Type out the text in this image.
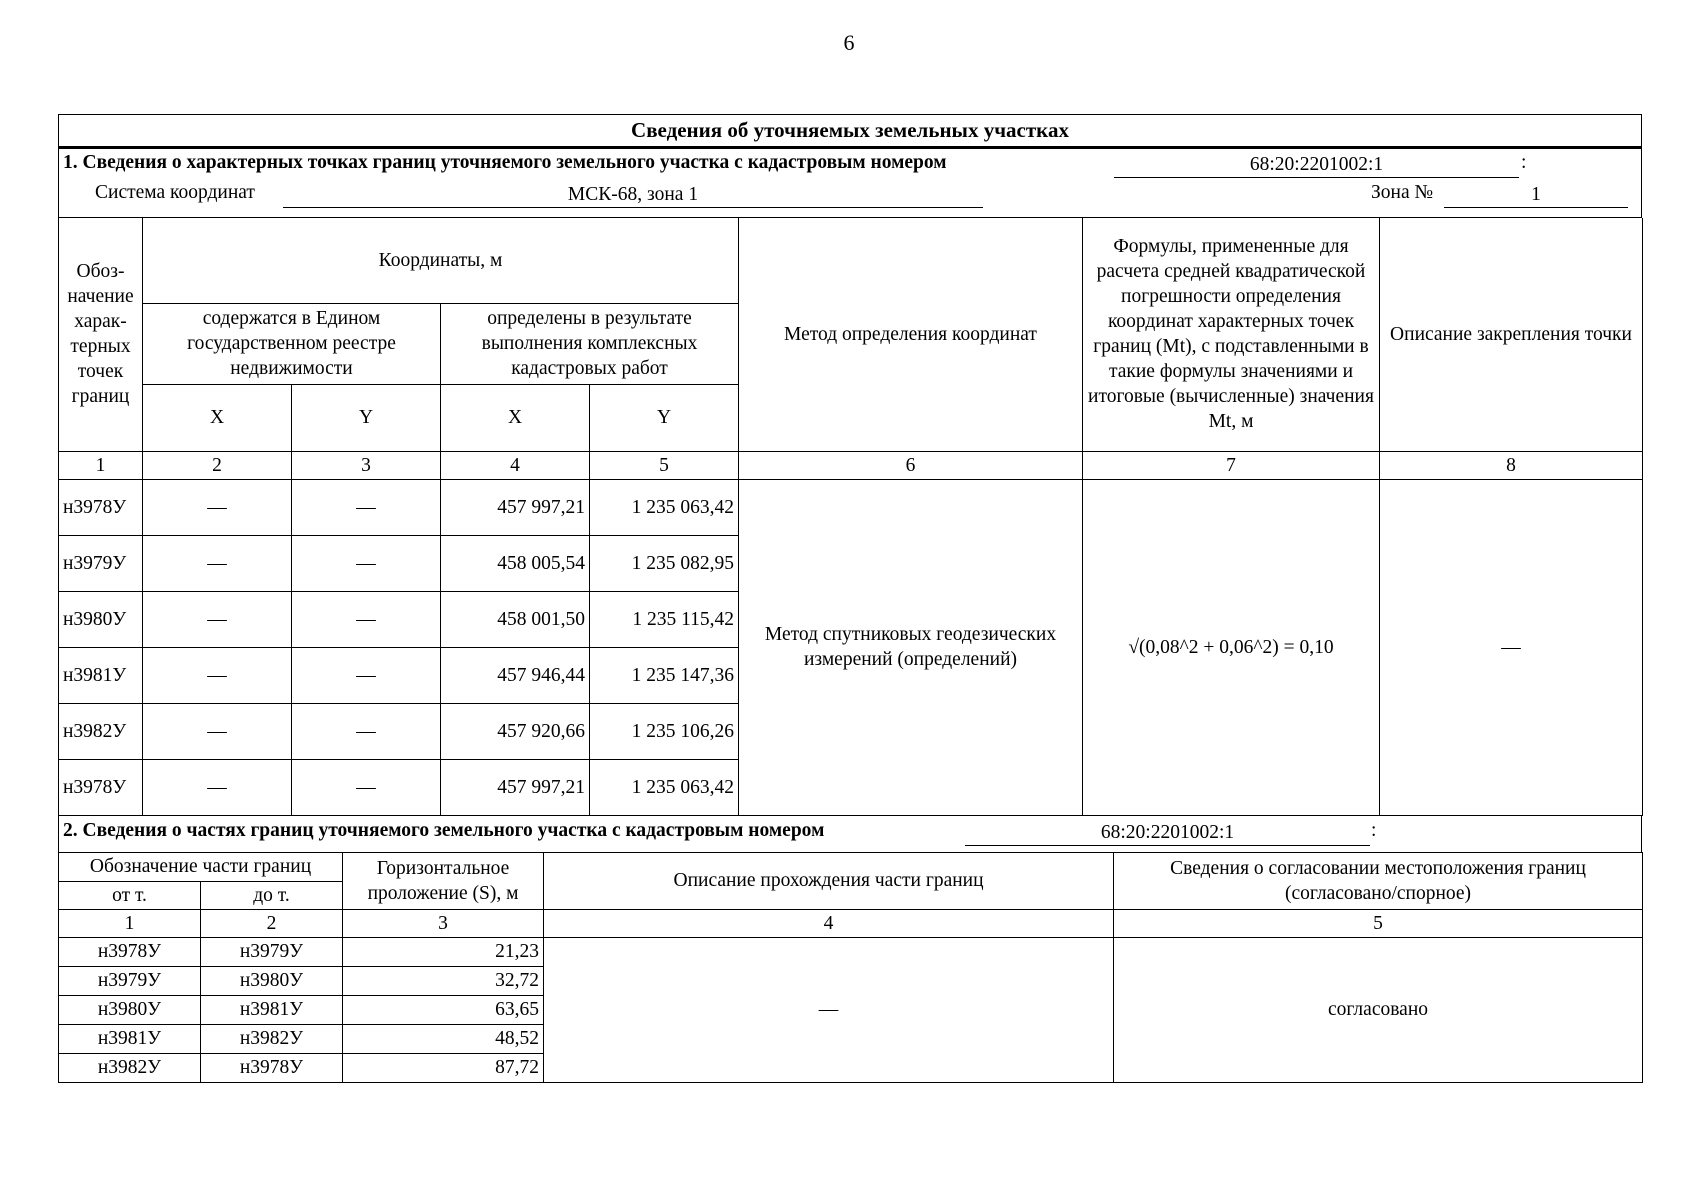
6
Сведения об уточняемых земельных участках
1. Сведения о характерных точках границ уточняемого земельного участка с кадастровым номером	68:20:2201002:1	:
Система координат	МСК-68, зона 1	Зона №	1
Обоз-начение харак-терных точек границ	Координаты, м				Метод определения координат	Формулы, примененные для расчета средней квадратической погрешности определения координат характерных точек границ (Mt), с подставленными в такие формулы значениями и итоговые (вычисленные) значения Mt, м	Описание закрепления точки
	содержатся в Едином государственном реестре недвижимости		определены в результате выполнения комплексных кадастровых работ				
	X	Y	X	Y			
1	2	3	4	5	6	7	8
н3978У	—	—	457 997,21	1 235 063,42	Метод спутниковых геодезических измерений (определений)	√(0,08^2 + 0,06^2) = 0,10	—
н3979У	—	—	458 005,54	1 235 082,95			
н3980У	—	—	458 001,50	1 235 115,42			
н3981У	—	—	457 946,44	1 235 147,36			
н3982У	—	—	457 920,66	1 235 106,26			
н3978У	—	—	457 997,21	1 235 063,42			
2. Сведения о частях границ уточняемого земельного участка с кадастровым номером	68:20:2201002:1	:
Обозначение части границ		Горизонтальное проложение (S), м	Описание прохождения части границ	Сведения о согласовании местоположения границ (согласовано/спорное)
от т.	до т.			
1	2	3	4	5
н3978У	н3979У	21,23	—	согласовано
н3979У	н3980У	32,72		
н3980У	н3981У	63,65		
н3981У	н3982У	48,52		
н3982У	н3978У	87,72		
